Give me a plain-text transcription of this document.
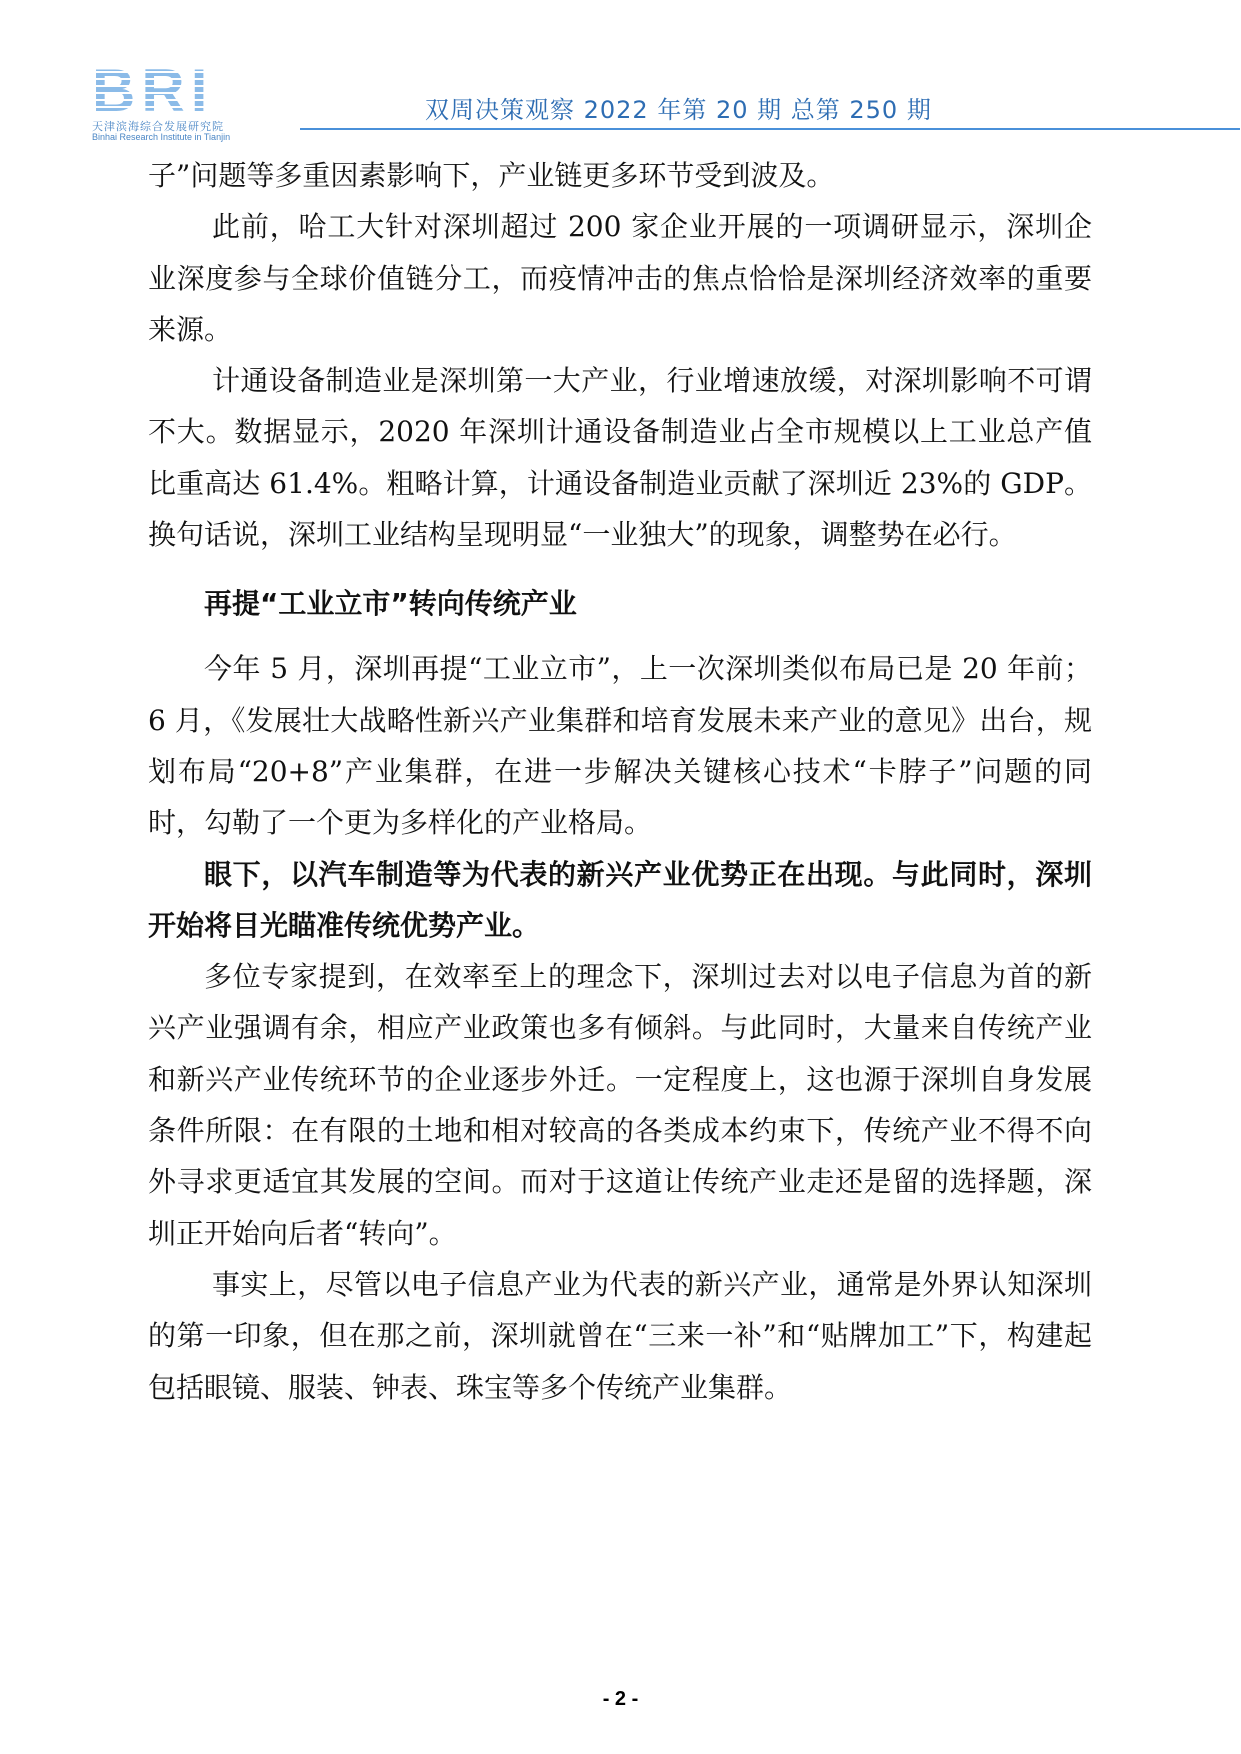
B R I
天津滨海综合发展研究院
Binhai Research Institute in Tianjin
双周决策观察 2022 年第 20 期 总第 250 期

子”问题等多重因素影响下，产业链更多环节受到波及。

此前，哈工大针对深圳超过 200 家企业开展的一项调研显示，深圳企业深度参与全球价值链分工，而疫情冲击的焦点恰恰是深圳经济效率的重要来源。

计通设备制造业是深圳第一大产业，行业增速放缓，对深圳影响不可谓不大。数据显示，2020 年深圳计通设备制造业占全市规模以上工业总产值比重高达 61.4%。粗略计算，计通设备制造业贡献了深圳近 23%的 GDP。换句话说，深圳工业结构呈现明显“一业独大”的现象，调整势在必行。

再提“工业立市”转向传统产业

今年 5 月，深圳再提“工业立市”，上一次深圳类似布局已是 20 年前；6 月，《发展壮大战略性新兴产业集群和培育发展未来产业的意见》出台，规划布局“20+8”产业集群，在进一步解决关键核心技术“卡脖子”问题的同时，勾勒了一个更为多样化的产业格局。

眼下，以汽车制造等为代表的新兴产业优势正在出现。与此同时，深圳开始将目光瞄准传统优势产业。

多位专家提到，在效率至上的理念下，深圳过去对以电子信息为首的新兴产业强调有余，相应产业政策也多有倾斜。与此同时，大量来自传统产业和新兴产业传统环节的企业逐步外迁。一定程度上，这也源于深圳自身发展条件所限：在有限的土地和相对较高的各类成本约束下，传统产业不得不向外寻求更适宜其发展的空间。而对于这道让传统产业走还是留的选择题，深圳正开始向后者“转向”。

事实上，尽管以电子信息产业为代表的新兴产业，通常是外界认知深圳的第一印象，但在那之前，深圳就曾在“三来一补”和“贴牌加工”下，构建起包括眼镜、服装、钟表、珠宝等多个传统产业集群。

- 2 -
